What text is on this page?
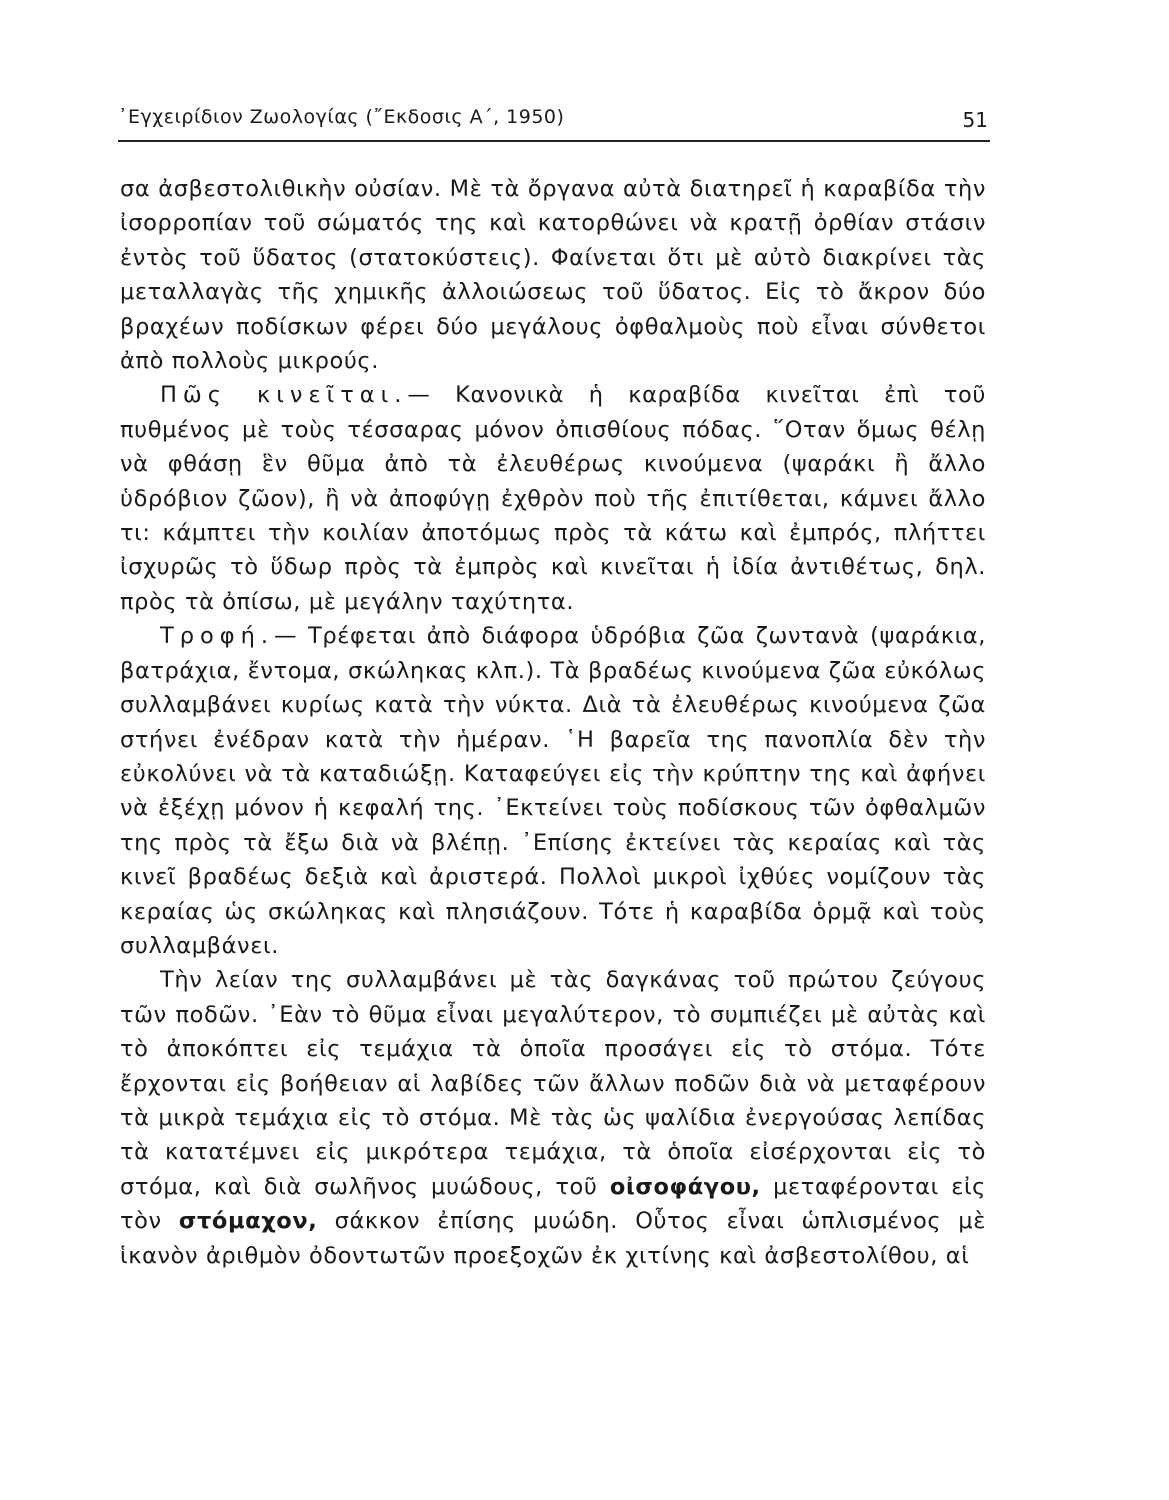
᾿Εγχειρίδιον Ζωολογίας (῎Εκδοσις Α΄, 1950)	51

σα ἀσβεστολιθικὴν οὐσίαν. Μὲ τὰ ὄργανα αὐτὰ διατηρεῖ ἡ καραβίδα τὴν ἰσορροπίαν τοῦ σώματός της καὶ κατορθώνει νὰ κρατῇ ὀρθίαν στάσιν ἐντὸς τοῦ ὕδατος (στατοκύστεις). Φαίνεται ὅτι μὲ αὐτὸ διακρίνει τὰς μεταλλαγὰς τῆς χημικῆς ἀλλοιώσεως τοῦ ὕδατος. Εἰς τὸ ἄκρον δύο βραχέων ποδίσκων φέρει δύο μεγάλους ὀφθαλμοὺς ποὺ εἶναι σύνθετοι ἀπὸ πολλοὺς μικρούς.

Πῶς κινεῖται.— Κανονικὰ ἡ καραβίδα κινεῖται ἐπὶ τοῦ πυθμένος μὲ τοὺς τέσσαρας μόνον ὀπισθίους πόδας. ῞Οταν ὅμως θέλῃ νὰ φθάσῃ ἓν θῦμα ἀπὸ τὰ ἐλευθέρως κινούμενα (ψαράκι ἢ ἄλλο ὑδρόβιον ζῶον), ἢ νὰ ἀποφύγῃ ἐχθρὸν ποὺ τῆς ἐπιτίθεται, κάμνει ἄλλο τι: κάμπτει τὴν κοιλίαν ἀποτόμως πρὸς τὰ κάτω καὶ ἐμπρός, πλήττει ἰσχυρῶς τὸ ὕδωρ πρὸς τὰ ἐμπρὸς καὶ κινεῖται ἡ ἰδία ἀντιθέτως, δηλ. πρὸς τὰ ὀπίσω, μὲ μεγάλην ταχύτητα.

Τροφή.— Τρέφεται ἀπὸ διάφορα ὑδρόβια ζῶα ζωντανὰ (ψαράκια, βατράχια, ἔντομα, σκώληκας κλπ.). Τὰ βραδέως κινούμενα ζῶα εὐκόλως συλλαμβάνει κυρίως κατὰ τὴν νύκτα. Διὰ τὰ ἐλευθέρως κινούμενα ζῶα στήνει ἐνέδραν κατὰ τὴν ἡμέραν. ῾Η βαρεῖα της πανοπλία δὲν τὴν εὐκολύνει νὰ τὰ καταδιώξῃ. Καταφεύγει εἰς τὴν κρύπτην της καὶ ἀφήνει νὰ ἐξέχῃ μόνον ἡ κεφαλή της. ᾿Εκτείνει τοὺς ποδίσκους τῶν ὀφθαλμῶν της πρὸς τὰ ἔξω διὰ νὰ βλέπῃ. ᾿Επίσης ἐκτείνει τὰς κεραίας καὶ τὰς κινεῖ βραδέως δεξιὰ καὶ ἀριστερά. Πολλοὶ μικροὶ ἰχθύες νομίζουν τὰς κεραίας ὡς σκώληκας καὶ πλησιάζουν. Τότε ἡ καραβίδα ὁρμᾷ καὶ τοὺς συλλαμβάνει.

Τὴν λείαν της συλλαμβάνει μὲ τὰς δαγκάνας τοῦ πρώτου ζεύγους τῶν ποδῶν. ᾿Εὰν τὸ θῦμα εἶναι μεγαλύτερον, τὸ συμπιέζει μὲ αὐτὰς καὶ τὸ ἀποκόπτει εἰς τεμάχια τὰ ὁποῖα προσάγει εἰς τὸ στόμα. Τότε ἔρχονται εἰς βοήθειαν αἱ λαβίδες τῶν ἄλλων ποδῶν διὰ νὰ μεταφέρουν τὰ μικρὰ τεμάχια εἰς τὸ στόμα. Μὲ τὰς ὡς ψαλίδια ἐνεργούσας λεπίδας τὰ κατατέμνει εἰς μικρότερα τεμάχια, τὰ ὁποῖα εἰσέρχονται εἰς τὸ στόμα, καὶ διὰ σωλῆνος μυώδους, τοῦ οἰσοφάγου, μεταφέρονται εἰς τὸν στόμαχον, σάκκον ἐπίσης μυώδη. Οὗτος εἶναι ὡπλισμένος μὲ ἱκανὸν ἀριθμὸν ὀδοντωτῶν προεξοχῶν ἐκ χιτίνης καὶ ἀσβεστολίθου, αἱ
